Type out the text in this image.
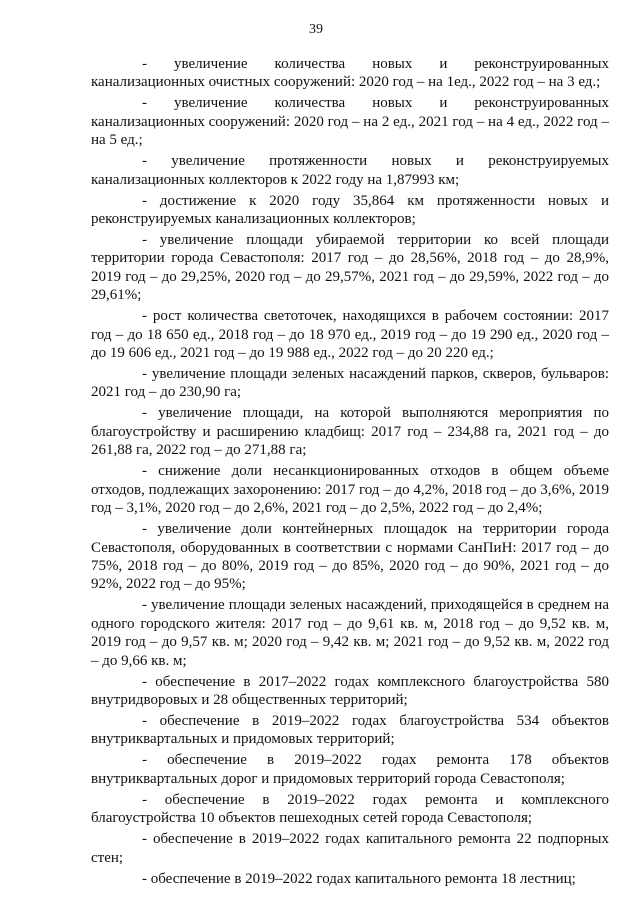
39

- увеличение количества новых и реконструированных канализационных очистных сооружений: 2020 год – на 1ед., 2022 год – на 3 ед.;

- увеличение количества новых и реконструированных канализационных сооружений: 2020 год – на 2 ед., 2021 год – на 4 ед., 2022 год – на 5 ед.;

- увеличение протяженности новых и реконструируемых канализационных коллекторов к 2022 году на 1,87993 км;

- достижение к 2020 году 35,864 км протяженности новых и реконструируемых канализационных коллекторов;

- увеличение площади убираемой территории ко всей площади территории города Севастополя: 2017 год – до 28,56%, 2018 год – до 28,9%, 2019 год – до 29,25%, 2020 год – до 29,57%, 2021 год – до 29,59%, 2022 год – до 29,61%;

- рост количества светоточек, находящихся в рабочем состоянии: 2017 год – до 18 650 ед., 2018 год – до 18 970 ед., 2019 год – до 19 290 ед., 2020 год – до 19 606 ед., 2021 год – до 19 988 ед., 2022 год – до 20 220 ед.;

- увеличение площади зеленых насаждений парков, скверов, бульваров: 2021 год – до 230,90 га;

- увеличение площади, на которой выполняются мероприятия по благоустройству и расширению кладбищ: 2017 год – 234,88 га, 2021 год – до 261,88 га, 2022 год – до 271,88 га;

- снижение доли несанкционированных отходов в общем объеме отходов, подлежащих захоронению: 2017 год – до 4,2%, 2018 год – до 3,6%, 2019 год – 3,1%, 2020 год – до 2,6%, 2021 год – до 2,5%, 2022 год – до 2,4%;

- увеличение доли контейнерных площадок на территории города Севастополя, оборудованных в соответствии с нормами СанПиН: 2017 год – до 75%, 2018 год – до 80%, 2019 год – до 85%, 2020 год – до 90%, 2021 год – до 92%, 2022 год – до 95%;

- увеличение площади зеленых насаждений, приходящейся в среднем на одного городского жителя: 2017 год – до 9,61 кв. м, 2018 год – до 9,52 кв. м, 2019 год – до 9,57 кв. м; 2020 год – 9,42 кв. м; 2021 год – до 9,52 кв. м, 2022 год – до 9,66 кв. м;

- обеспечение в 2017–2022 годах комплексного благоустройства 580 внутридворовых и 28 общественных территорий;

- обеспечение в 2019–2022 годах благоустройства 534 объектов внутриквартальных и придомовых территорий;

- обеспечение в 2019–2022 годах ремонта 178 объектов внутриквартальных дорог и придомовых территорий города Севастополя;

- обеспечение в 2019–2022 годах ремонта и комплексного благоустройства 10 объектов пешеходных сетей города Севастополя;

- обеспечение в 2019–2022 годах капитального ремонта 22 подпорных стен;

- обеспечение в 2019–2022 годах капитального ремонта 18 лестниц;
